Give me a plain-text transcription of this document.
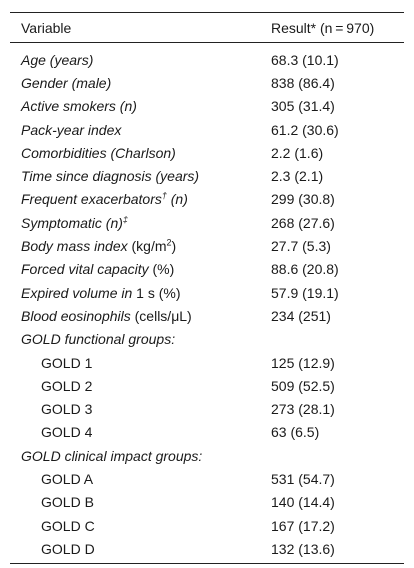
Variable	Result* (n = 970)
Age (years)	68.3 (10.1)
Gender (male)	838 (86.4)
Active smokers (n)	305 (31.4)
Pack-year index	61.2 (30.6)
Comorbidities (Charlson)	2.2 (1.6)
Time since diagnosis (years)	2.3 (2.1)
Frequent exacerbators† (n)	299 (30.8)
Symptomatic (n)‡	268 (27.6)
Body mass index $(kg/m^2)$	27.7 (5.3)
Forced vital capacity (%)	88.6 (20.8)
Expired volume in 1 s (%)	57.9 (19.1)
Blood eosinophils (cells/μL)	234 (251)
GOLD functional groups:	
GOLD 1	125 (12.9)
GOLD 2	509 (52.5)
GOLD 3	273 (28.1)
GOLD 4	63 (6.5)
GOLD clinical impact groups:	
GOLD A	531 (54.7)
GOLD B	140 (14.4)
GOLD C	167 (17.2)
GOLD D	132 (13.6)
